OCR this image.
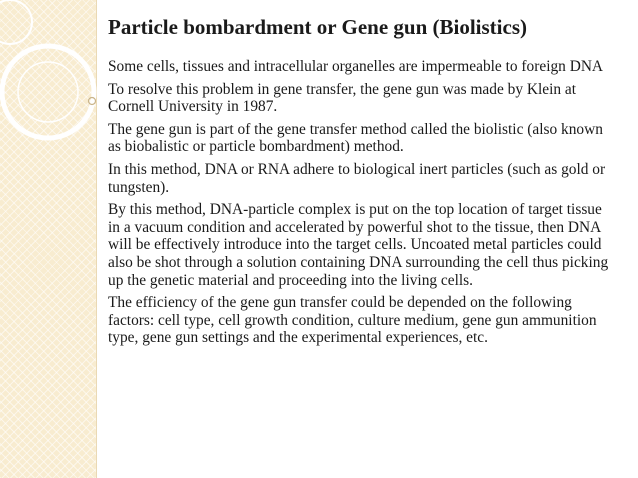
Particle bombardment or Gene gun (Biolistics)

Some cells, tissues and intracellular organelles are impermeable to foreign DNA

To resolve this problem in gene transfer, the gene gun was made by Klein at Cornell University in 1987.

The gene gun is part of the gene transfer method called the biolistic (also known as biobalistic or particle bombardment) method.

In this method, DNA or RNA adhere to biological inert particles (such as gold or tungsten).

By this method, DNA-particle complex is put on the top location of target tissue in a vacuum condition and accelerated by powerful shot to the tissue, then DNA will be effectively introduce into the target cells. Uncoated metal particles could also be shot through a solution containing DNA surrounding the cell thus picking up the genetic material and proceeding into the living cells.

The efficiency of the gene gun transfer could be depended on the following factors: cell type, cell growth condition, culture medium, gene gun ammunition type, gene gun settings and the experimental experiences, etc.
